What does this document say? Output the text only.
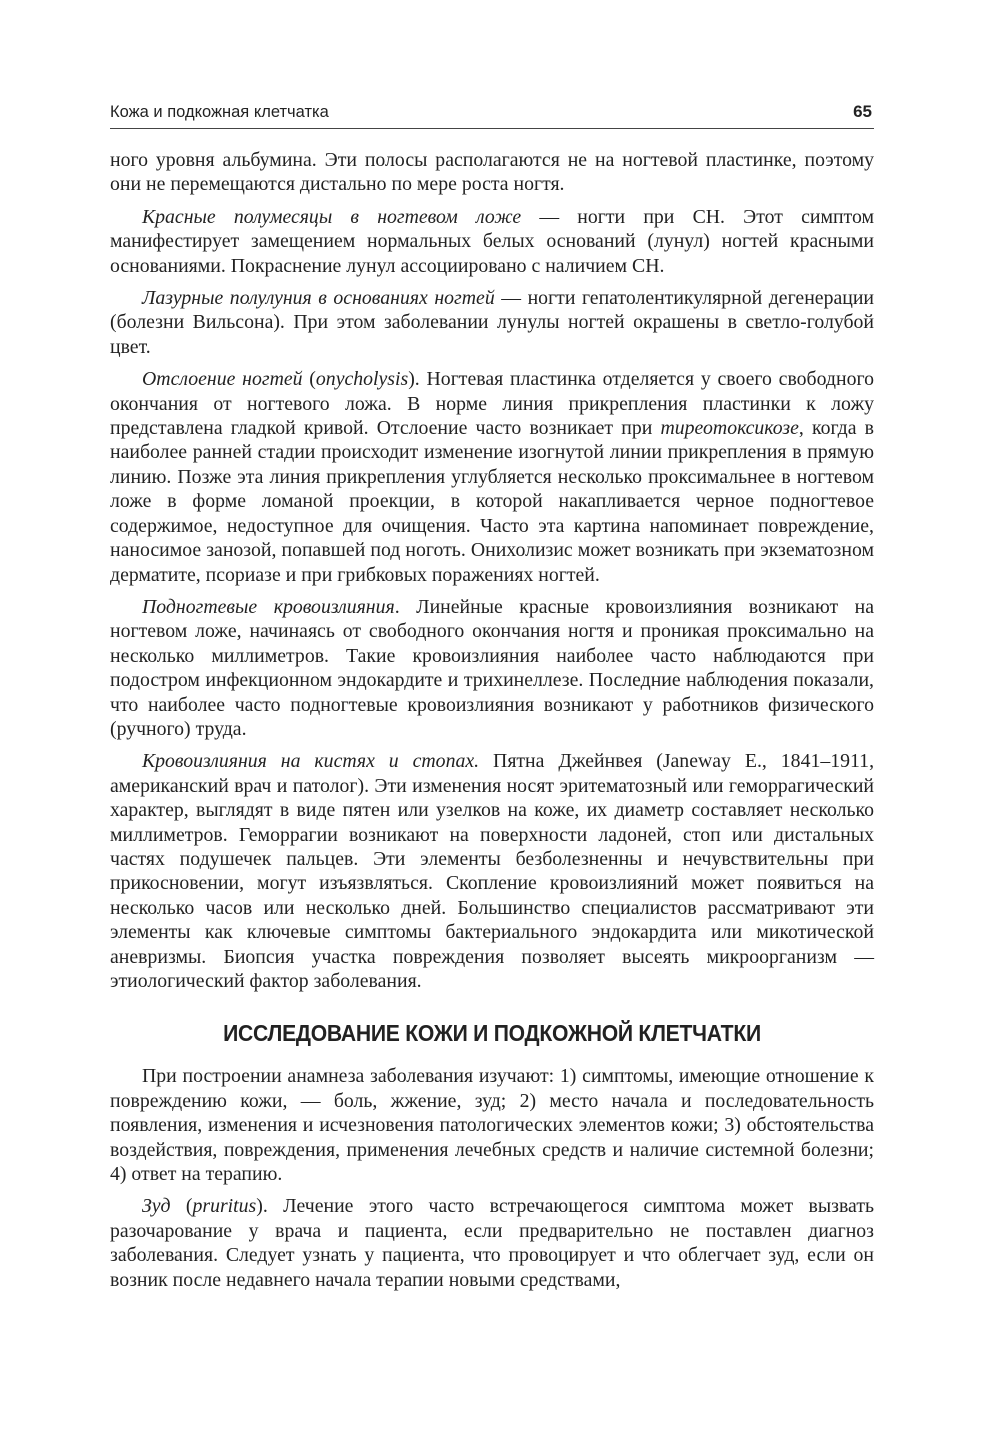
Кожа и подкожная клетчатка	65

ного уровня альбумина. Эти полосы располагаются не на ногтевой пластинке, поэтому они не перемещаются дистально по мере роста ногтя.

Красные полумесяцы в ногтевом ложе — ногти при СН. Этот симптом манифестирует замещением нормальных белых оснований (лунул) ногтей красными основаниями. Покраснение лунул ассоциировано с наличием СН.

Лазурные полулуния в основаниях ногтей — ногти гепатолентикулярной дегенерации (болезни Вильсона). При этом заболевании лунулы ногтей окрашены в светло-голубой цвет.

Отслоение ногтей (onycholysis). Ногтевая пластинка отделяется у своего свободного окончания от ногтевого ложа. В норме линия прикрепления пластинки к ложу представлена гладкой кривой. Отслоение часто возникает при тиреотоксикозе, когда в наиболее ранней стадии происходит изменение изогнутой линии прикрепления в прямую линию. Позже эта линия прикрепления углубляется несколько проксимальнее в ногтевом ложе в форме ломаной проекции, в которой накапливается черное подногтевое содержимое, недоступное для очищения. Часто эта картина напоминает повреждение, наносимое занозой, попавшей под ноготь. Онихолизис может возникать при экзематозном дерматите, псориазе и при грибковых поражениях ногтей.

Подногтевые кровоизлияния. Линейные красные кровоизлияния возникают на ногтевом ложе, начинаясь от свободного окончания ногтя и проникая проксимально на несколько миллиметров. Такие кровоизлияния наиболее часто наблюдаются при подостром инфекционном эндокардите и трихинеллезе. Последние наблюдения показали, что наиболее часто подногтевые кровоизлияния возникают у работников физического (ручного) труда.

Кровоизлияния на кистях и стопах. Пятна Джейнвея (Janeway E., 1841–1911, американский врач и патолог). Эти изменения носят эритематозный или геморрагический характер, выглядят в виде пятен или узелков на коже, их диаметр составляет несколько миллиметров. Геморрагии возникают на поверхности ладоней, стоп или дистальных частях подушечек пальцев. Эти элементы безболезненны и нечувствительны при прикосновении, могут изъязвляться. Скопление кровоизлияний может появиться на несколько часов или несколько дней. Большинство специалистов рассматривают эти элементы как ключевые симптомы бактериального эндокардита или микотической аневризмы. Биопсия участка повреждения позволяет высеять микроорганизм — этиологический фактор заболевания.

ИССЛЕДОВАНИЕ КОЖИ И ПОДКОЖНОЙ КЛЕТЧАТКИ

При построении анамнеза заболевания изучают: 1) симптомы, имеющие отношение к повреждению кожи, — боль, жжение, зуд; 2) место начала и последовательность появления, изменения и исчезновения патологических элементов кожи; 3) обстоятельства воздействия, повреждения, применения лечебных средств и наличие системной болезни; 4) ответ на терапию.

Зуд (pruritus). Лечение этого часто встречающегося симптома может вызвать разочарование у врача и пациента, если предварительно не поставлен диагноз заболевания. Следует узнать у пациента, что провоцирует и что облегчает зуд, если он возник после недавнего начала терапии новыми средствами,
